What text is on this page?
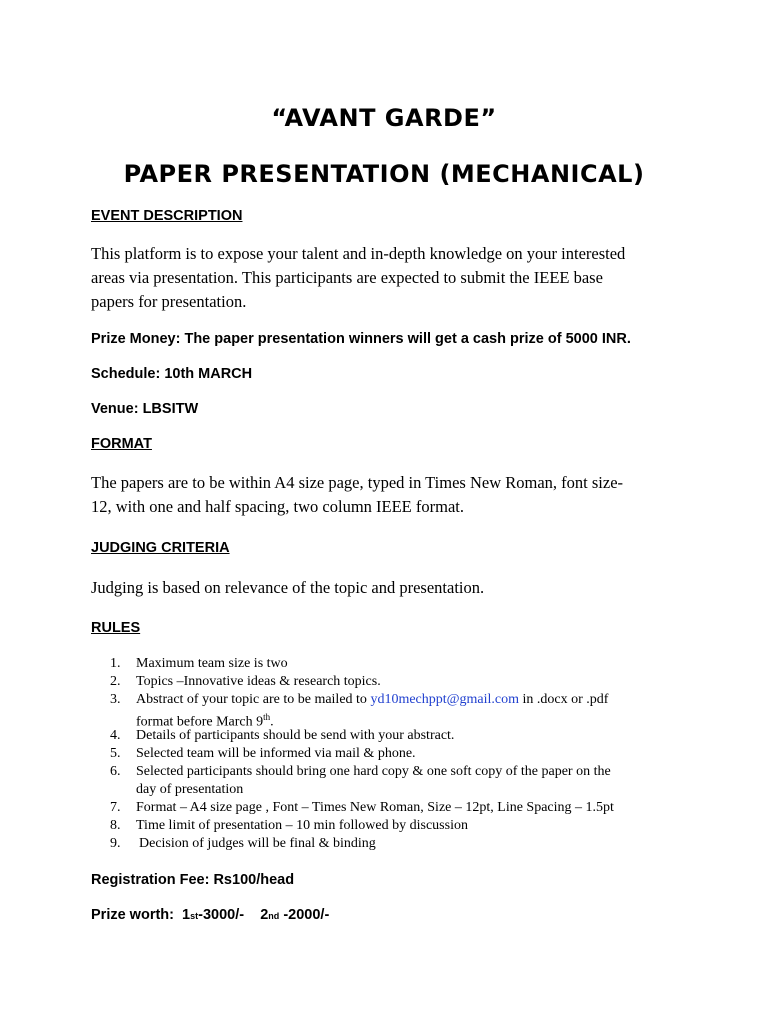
“AVANT GARDE”
PAPER PRESENTATION (MECHANICAL)
EVENT DESCRIPTION
This platform is to expose your talent and in-depth knowledge on your interested
areas via presentation. This participants are expected to submit the IEEE base
papers for presentation.
Prize Money: The paper presentation winners will get a cash prize of 5000 INR.
Schedule: 10th MARCH
Venue: LBSITW
FORMAT
The papers are to be within A4 size page, typed in Times New Roman, font size-
12, with one and half spacing, two column IEEE format.
JUDGING CRITERIA
Judging is based on relevance of the topic and presentation.
RULES
1.	Maximum team size is two
2.	Topics –Innovative ideas & research topics.
3.	Abstract of your topic are to be mailed to yd10mechppt@gmail.com in .docx or .pdf
format before March 9th.
4.	Details of participants should be send with your abstract.
5.	Selected team will be informed via mail & phone.
6.	Selected participants should bring one hard copy & one soft copy of the paper on the
day of presentation
7.	Format – A4 size page , Font – Times New Roman, Size – 12pt, Line Spacing – 1.5pt
8.	Time limit of presentation – 10 min followed by discussion
9.	Decision of judges will be final & binding
Registration Fee: Rs100/head
Prize worth: 1st-3000/- 2nd -2000/-
